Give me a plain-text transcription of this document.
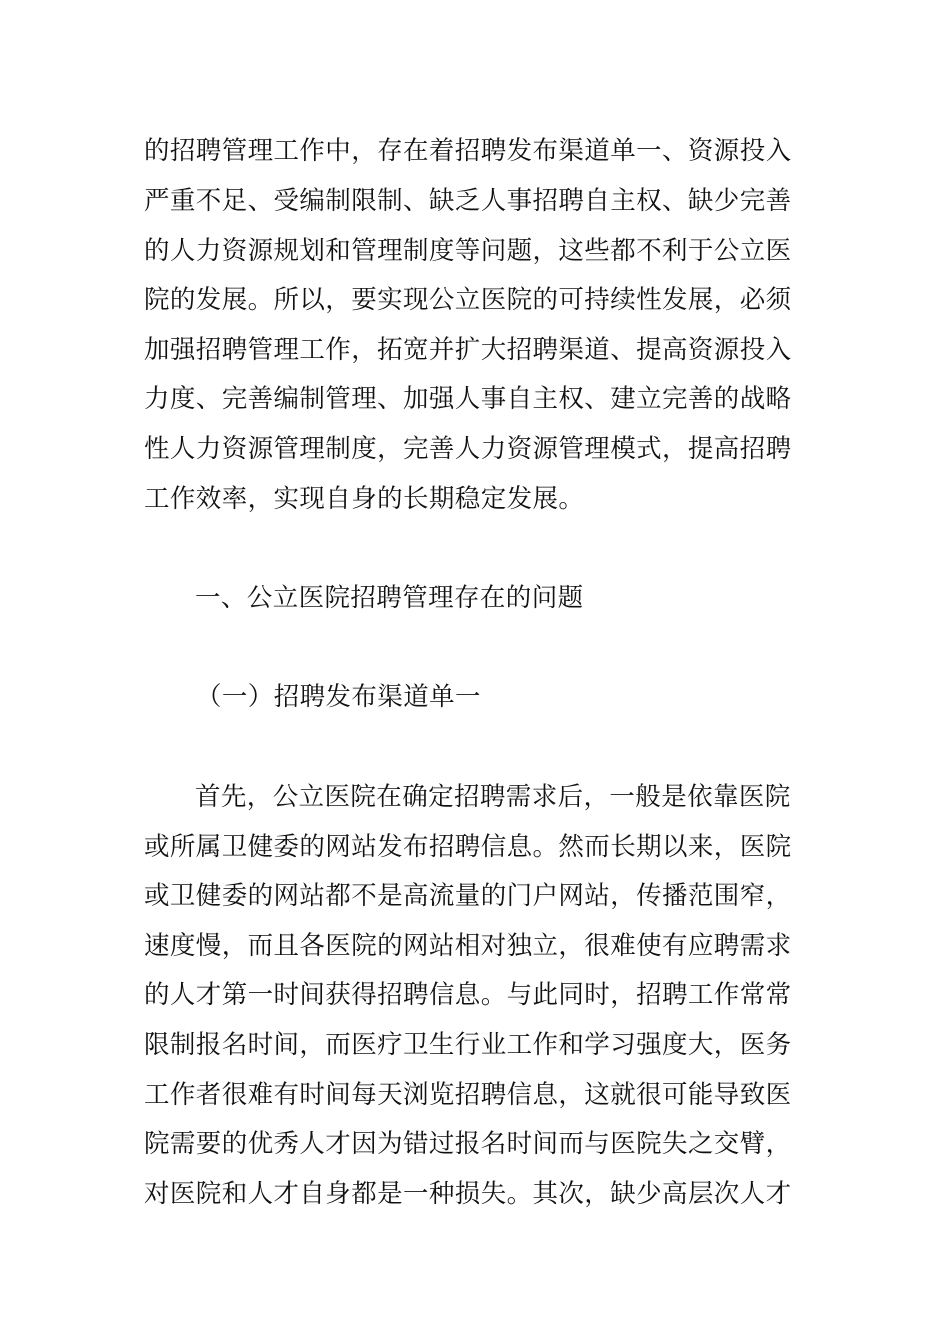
的招聘管理工作中，存在着招聘发布渠道单一、资源投入
严重不足、受编制限制、缺乏人事招聘自主权、缺少完善
的人力资源规划和管理制度等问题，这些都不利于公立医
院的发展。所以，要实现公立医院的可持续性发展，必须
加强招聘管理工作，拓宽并扩大招聘渠道、提高资源投入
力度、完善编制管理、加强人事自主权、建立完善的战略
性人力资源管理制度，完善人力资源管理模式，提高招聘
工作效率，实现自身的长期稳定发展。
一、公立医院招聘管理存在的问题
（一）招聘发布渠道单一
首先，公立医院在确定招聘需求后，一般是依靠医院
或所属卫健委的网站发布招聘信息。然而长期以来，医院
或卫健委的网站都不是高流量的门户网站，传播范围窄，
速度慢，而且各医院的网站相对独立，很难使有应聘需求
的人才第一时间获得招聘信息。与此同时，招聘工作常常
限制报名时间，而医疗卫生行业工作和学习强度大，医务
工作者很难有时间每天浏览招聘信息，这就很可能导致医
院需要的优秀人才因为错过报名时间而与医院失之交臂，
对医院和人才自身都是一种损失。其次，缺少高层次人才
